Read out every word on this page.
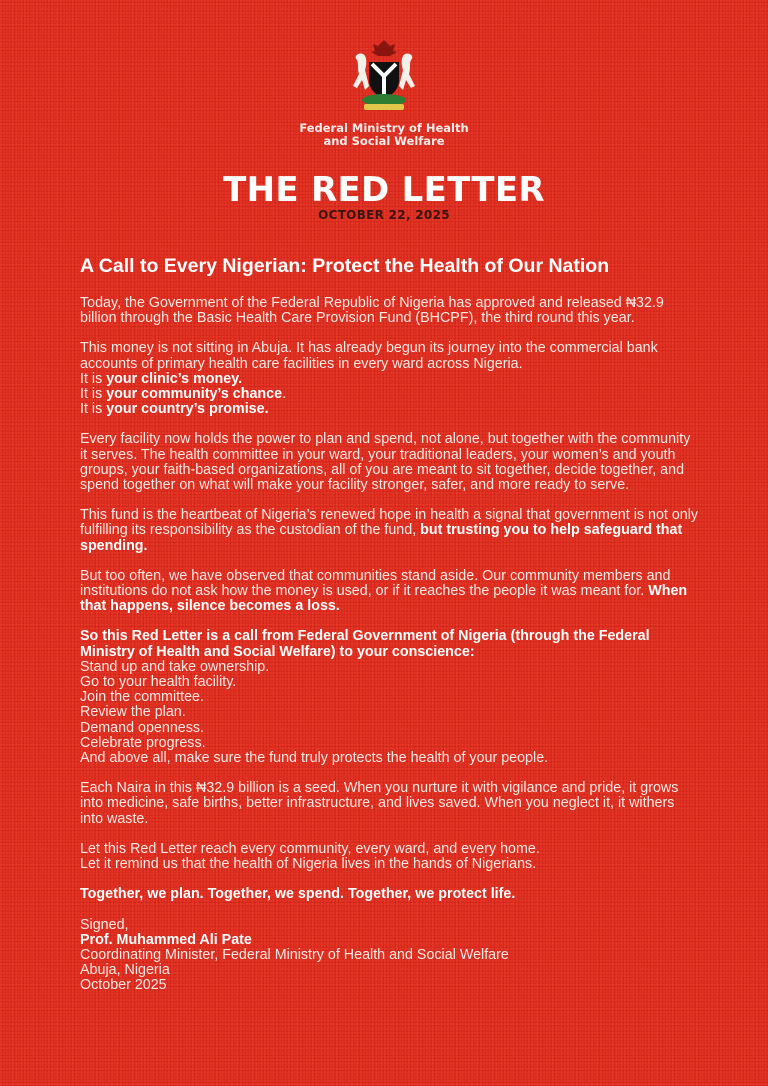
Federal Ministry of Health
and Social Welfare
THE RED LETTER
OCTOBER 22, 2025
A Call to Every Nigerian: Protect the Health of Our Nation

Today, the Government of the Federal Republic of Nigeria has approved and released ₦32.9 billion through the Basic Health Care Provision Fund (BHCPF), the third round this year.

This money is not sitting in Abuja. It has already begun its journey into the commercial bank accounts of primary health care facilities in every ward across Nigeria.
It is your clinic’s money.
It is your community’s chance.
It is your country’s promise.

Every facility now holds the power to plan and spend, not alone, but together with the community it serves. The health committee in your ward, your traditional leaders, your women’s and youth groups, your faith-based organizations, all of you are meant to sit together, decide together, and spend together on what will make your facility stronger, safer, and more ready to serve.

This fund is the heartbeat of Nigeria’s renewed hope in health a signal that government is not only fulfilling its responsibility as the custodian of the fund, but trusting you to help safeguard that spending.

But too often, we have observed that communities stand aside. Our community members and institutions do not ask how the money is used, or if it reaches the people it was meant for. When that happens, silence becomes a loss.

So this Red Letter is a call from Federal Government of Nigeria (through the Federal Ministry of Health and Social Welfare) to your conscience:
Stand up and take ownership.
Go to your health facility.
Join the committee.
Review the plan.
Demand openness.
Celebrate progress.
And above all, make sure the fund truly protects the health of your people.

Each Naira in this ₦32.9 billion is a seed. When you nurture it with vigilance and pride, it grows into medicine, safe births, better infrastructure, and lives saved. When you neglect it, it withers into waste.

Let this Red Letter reach every community, every ward, and every home.
Let it remind us that the health of Nigeria lives in the hands of Nigerians.

Together, we plan. Together, we spend. Together, we protect life.

Signed,
Prof. Muhammed Ali Pate
Coordinating Minister, Federal Ministry of Health and Social Welfare
Abuja, Nigeria
October 2025
